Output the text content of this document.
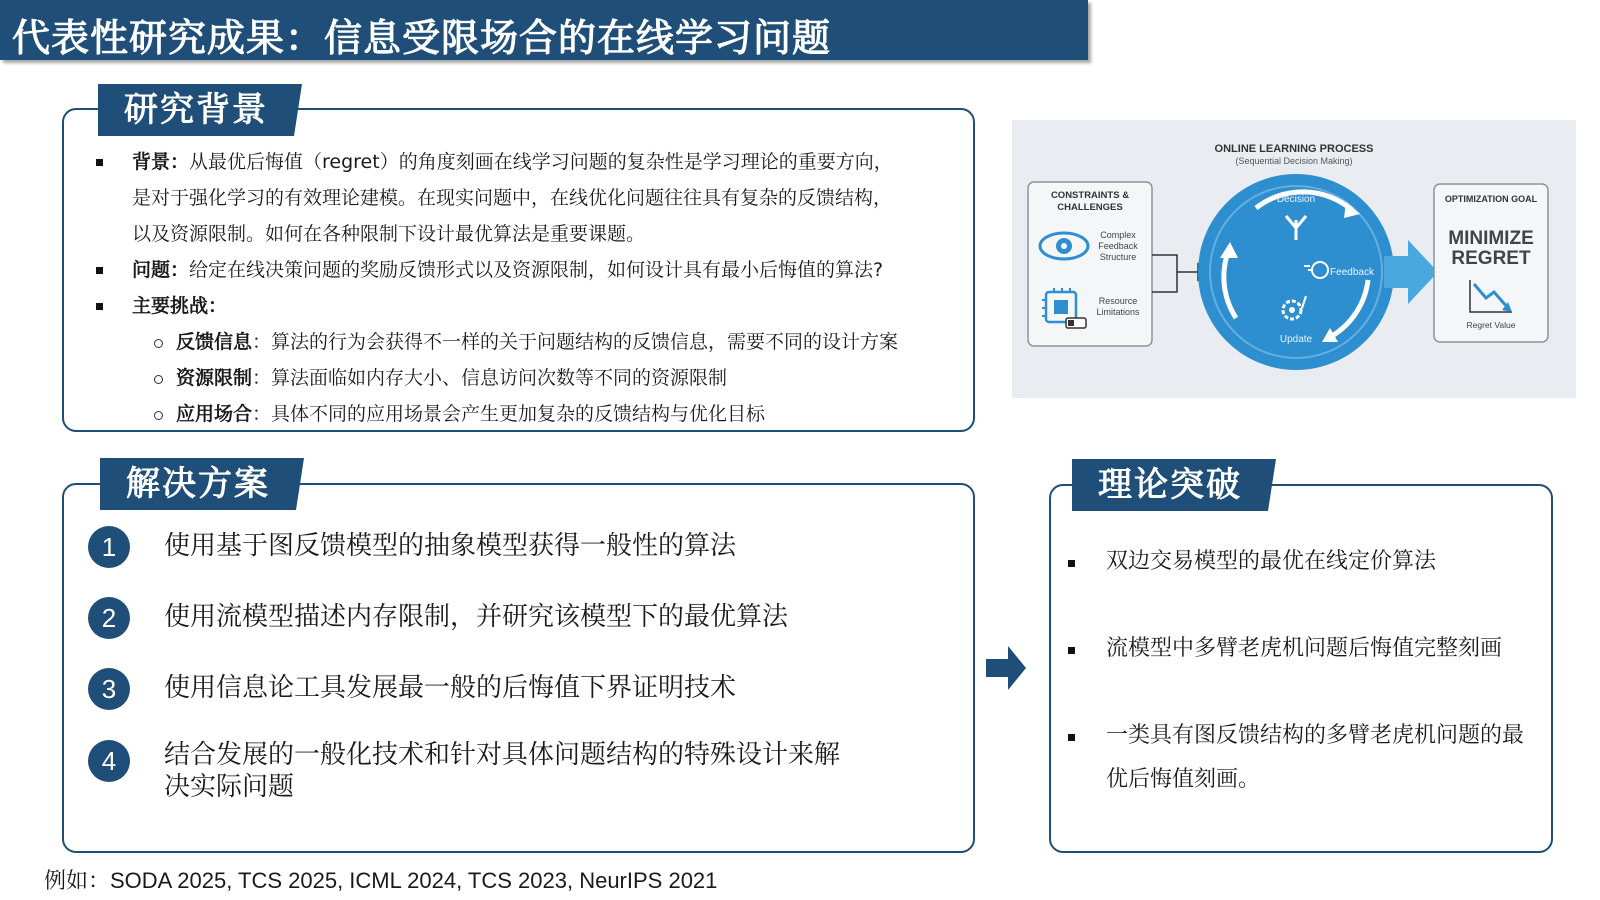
代表性研究成果：信息受限场合的在线学习问题
研究背景
背景：从最优后悔值（regret）的角度刻画在线学习问题的复杂性是学习理论的重要方向，
是对于强化学习的有效理论建模。在现实问题中，在线优化问题往往具有复杂的反馈结构，
以及资源限制。如何在各种限制下设计最优算法是重要课题。
问题：给定在线决策问题的奖励反馈形式以及资源限制，如何设计具有最小后悔值的算法?
主要挑战：
反馈信息：算法的行为会获得不一样的关于问题结构的反馈信息，需要不同的设计方案
资源限制：算法面临如内存大小、信息访问次数等不同的资源限制
应用场合：具体不同的应用场景会产生更加复杂的反馈结构与优化目标
ONLINE LEARNING PROCESS
(Sequential Decision Making)
CONSTRAINTS &
CHALLENGES
Complex
Feedback
Structure
Resource
Limitations
Decision
Feedback
Update
OPTIMIZATION GOAL
MINIMIZE
REGRET
Regret Value
解决方案
1	使用基于图反馈模型的抽象模型获得一般性的算法
2	使用流模型描述内存限制，并研究该模型下的最优算法
3	使用信息论工具发展最一般的后悔值下界证明技术
4	结合发展的一般化技术和针对具体问题结构的特殊设计来解决实际问题
理论突破
双边交易模型的最优在线定价算法
流模型中多臂老虎机问题后悔值完整刻画
一类具有图反馈结构的多臂老虎机问题的最优后悔值刻画。
例如：SODA 2025, TCS 2025, ICML 2024, TCS 2023, NeurIPS 2021
